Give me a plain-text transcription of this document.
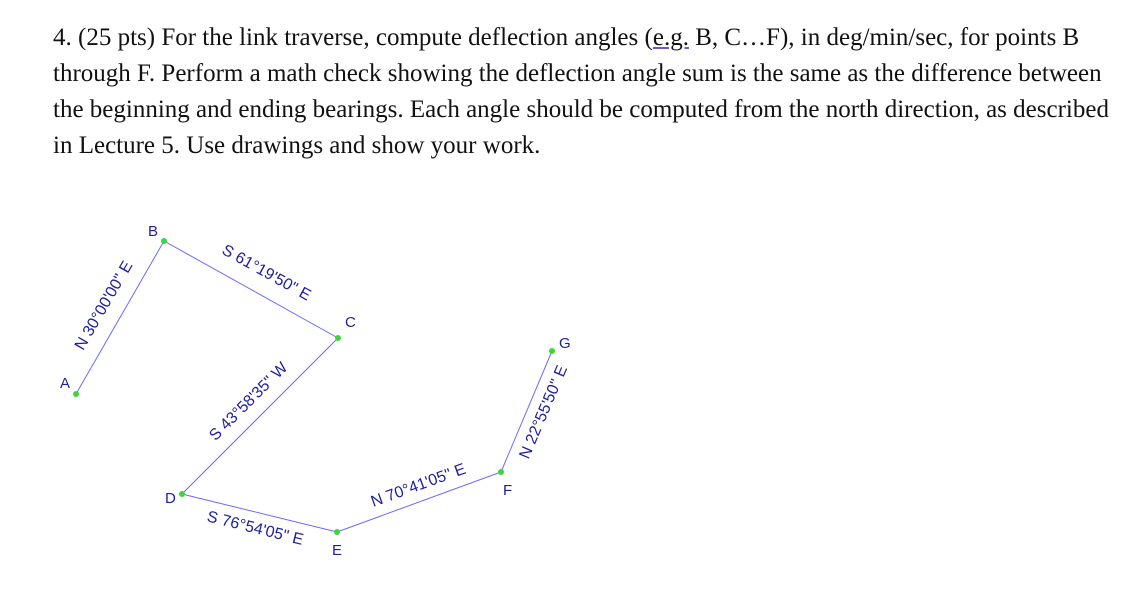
4. (25 pts) For the link traverse, compute deflection angles (e.g. B, C…F), in deg/min/sec, for points B through F. Perform a math check showing the deflection angle sum is the same as the difference between the beginning and ending bearings. Each angle should be computed from the north direction, as described in Lecture 5. Use drawings and show your work.

A
B
C
D
E
F
G
N 30°00'00" E	S 61°19'50" E
S 43°58'35" W
S 76°54'05" E
N 70°41'05" E
N 22°55'50" E
